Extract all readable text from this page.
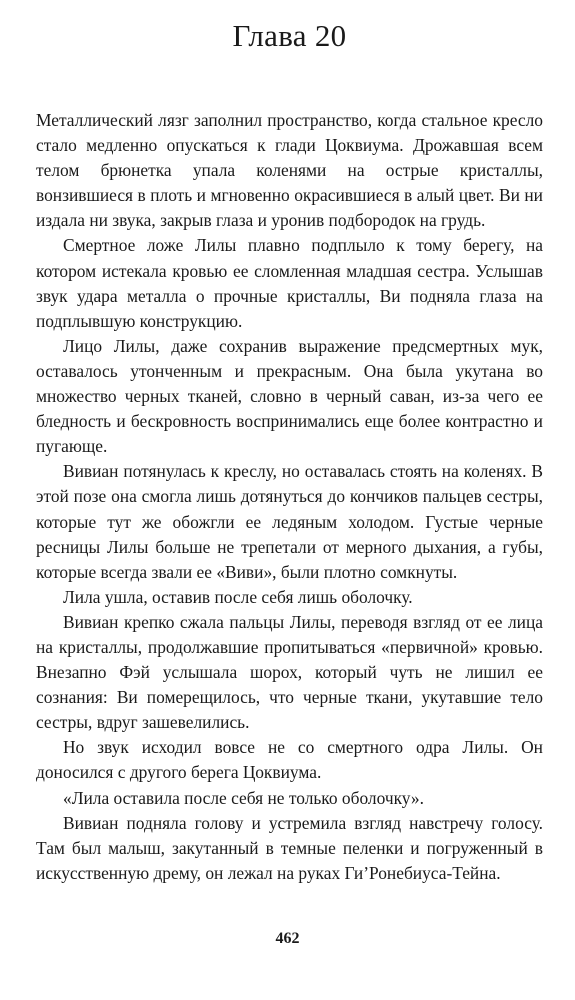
Глава 20

Металлический лязг заполнил пространство, когда стальное кресло стало медленно опускаться к глади Цоквиума. Дрожавшая всем телом брюнетка упала коленями на острые кристаллы, вонзившиеся в плоть и мгновенно окрасившиеся в алый цвет. Ви ни издала ни звука, закрыв глаза и уронив подбородок на грудь.

Смертное ложе Лилы плавно подплыло к тому берегу, на котором истекала кровью ее сломленная младшая сестра. Услышав звук удара металла о прочные кристаллы, Ви подняла глаза на подплывшую конструкцию.

Лицо Лилы, даже сохранив выражение предсмертных мук, оставалось утонченным и прекрасным. Она была укутана во множество черных тканей, словно в черный саван, из-за чего ее бледность и бескровность воспринимались еще более контрастно и пугающе.

Вивиан потянулась к креслу, но оставалась стоять на коленях. В этой позе она смогла лишь дотянуться до кончиков пальцев сестры, которые тут же обожгли ее ледяным холодом. Густые черные ресницы Лилы больше не трепетали от мерного дыхания, а губы, которые всегда звали ее «Виви», были плотно сомкнуты.

Лила ушла, оставив после себя лишь оболочку.

Вивиан крепко сжала пальцы Лилы, переводя взгляд от ее лица на кристаллы, продолжавшие пропитываться «первичной» кровью. Внезапно Фэй услышала шорох, который чуть не лишил ее сознания: Ви померещилось, что черные ткани, укутавшие тело сестры, вдруг зашевелились.

Но звук исходил вовсе не со смертного одра Лилы. Он доносился с другого берега Цоквиума.

«Лила оставила после себя не только оболочку».

Вивиан подняла голову и устремила взгляд навстречу голосу. Там был малыш, закутанный в темные пеленки и погруженный в искусственную дрему, он лежал на руках Ги’Ронебиуса-Тейна.

462
